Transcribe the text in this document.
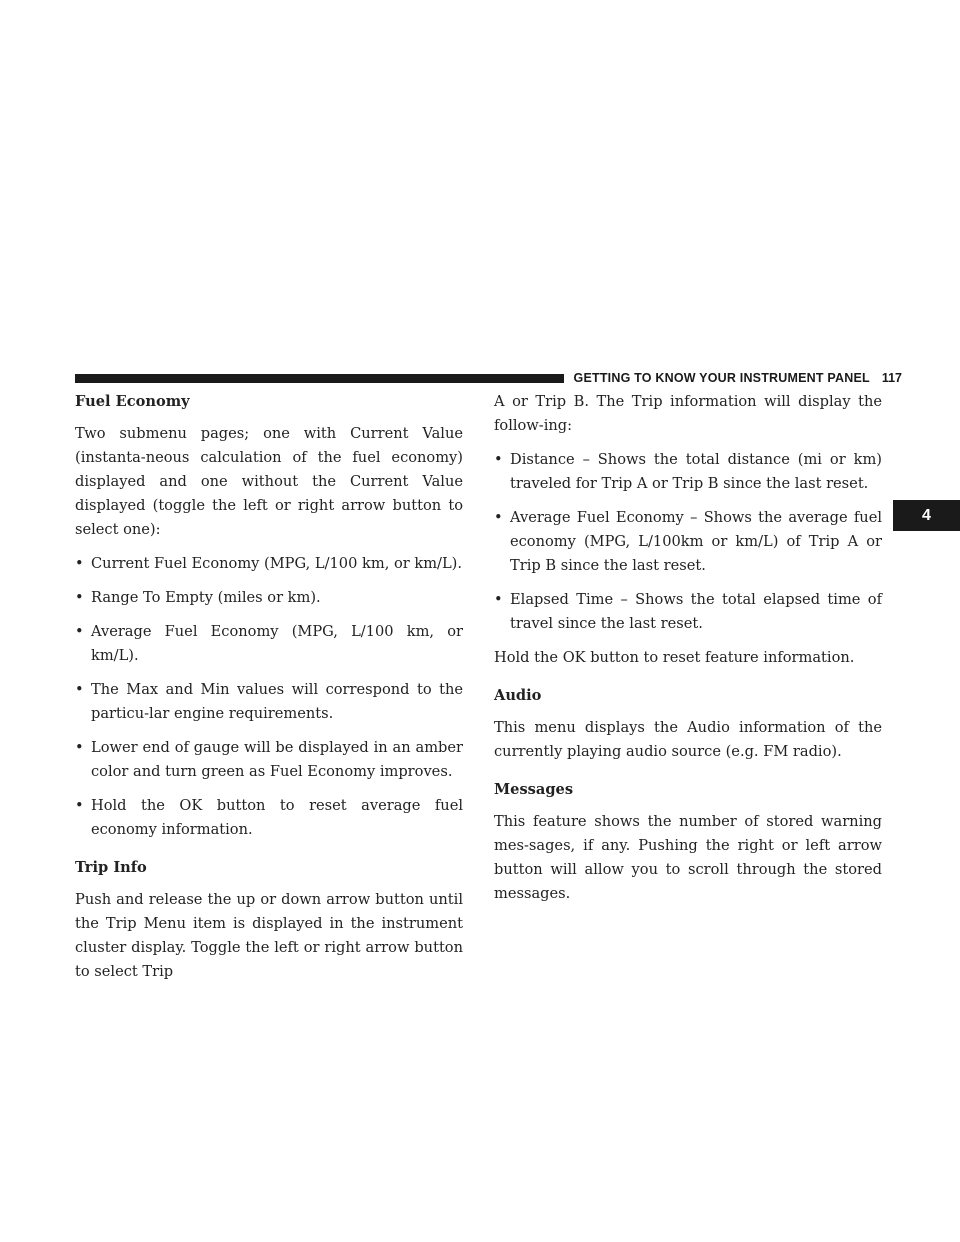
GETTING TO KNOW YOUR INSTRUMENT PANEL 117
4
Fuel Economy

Two submenu pages; one with Current Value (instanta-neous calculation of the fuel economy) displayed and one without the Current Value displayed (toggle the left or right arrow button to select one):

• Current Fuel Economy (MPG, L/100 km, or km/L).
• Range To Empty (miles or km).
• Average Fuel Economy (MPG, L/100 km, or km/L).
• The Max and Min values will correspond to the particu-lar engine requirements.
• Lower end of gauge will be displayed in an amber color and turn green as Fuel Economy improves.
• Hold the OK button to reset average fuel economy information.
Trip Info

Push and release the up or down arrow button until the Trip Menu item is displayed in the instrument cluster display. Toggle the left or right arrow button to select Trip

A or Trip B. The Trip information will display the follow-ing:

• Distance – Shows the total distance (mi or km) traveled for Trip A or Trip B since the last reset.
• Average Fuel Economy – Shows the average fuel economy (MPG, L/100km or km/L) of Trip A or Trip B since the last reset.
• Elapsed Time – Shows the total elapsed time of travel since the last reset.

Hold the OK button to reset feature information.

Audio

This menu displays the Audio information of the currently playing audio source (e.g. FM radio).

Messages

This feature shows the number of stored warning mes-sages, if any. Pushing the right or left arrow button will allow you to scroll through the stored messages.
